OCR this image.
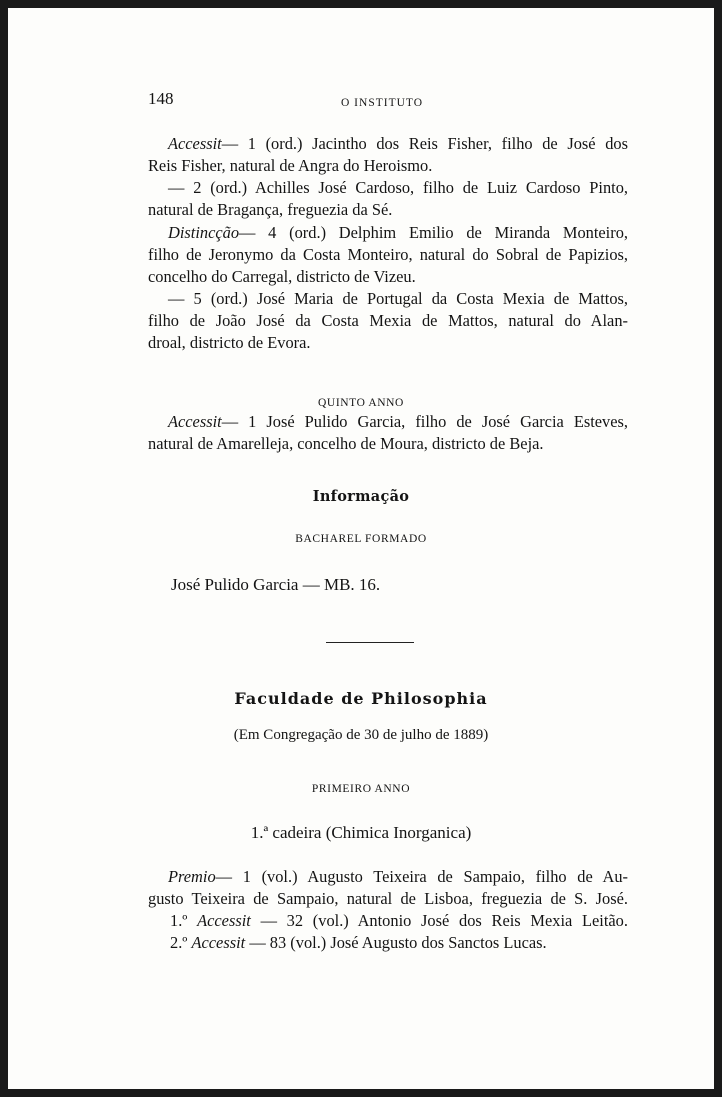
148	O INSTITUTO
Accessit— 1 (ord.) Jacintho dos Reis Fisher, filho de José dos
Reis Fisher, natural de Angra do Heroismo.
— 2 (ord.) Achilles José Cardoso, filho de Luiz Cardoso Pinto,
natural de Bragança, freguezia da Sé.
Distincção— 4 (ord.) Delphim Emilio de Miranda Monteiro,
filho de Jeronymo da Costa Monteiro, natural do Sobral de Papizios,
concelho do Carregal, districto de Vizeu.
— 5 (ord.) José Maria de Portugal da Costa Mexia de Mattos,
filho de João José da Costa Mexia de Mattos, natural do Alan-
droal, districto de Evora.
QUINTO ANNO
Accessit— 1 José Pulido Garcia, filho de José Garcia Esteves,
natural de Amarelleja, concelho de Moura, districto de Beja.
Informação
BACHAREL FORMADO
José Pulido Garcia — MB. 16.
Faculdade de Philosophia
(Em Congregação de 30 de julho de 1889)
PRIMEIRO ANNO
1.ª cadeira (Chimica Inorganica)
Premio— 1 (vol.) Augusto Teixeira de Sampaio, filho de Au-
gusto Teixeira de Sampaio, natural de Lisboa, freguezia de S. José.
1.º Accessit — 32 (vol.) Antonio José dos Reis Mexia Leitão.
2.º Accessit — 83 (vol.) José Augusto dos Sanctos Lucas.
